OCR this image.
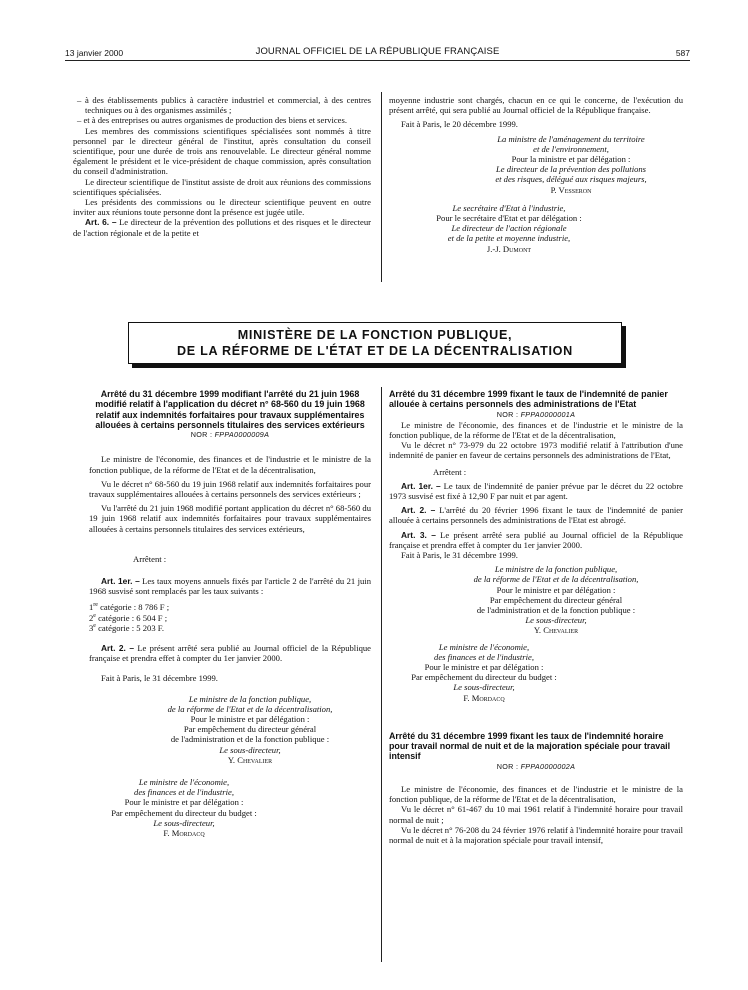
13 janvier 2000	JOURNAL OFFICIEL DE LA RÉPUBLIQUE FRANÇAISE	587

– à des établissements publics à caractère industriel et commercial, à des centres techniques ou à des organismes assimilés ;

– et à des entreprises ou autres organismes de production des biens et services.

Les membres des commissions scientifiques spécialisées sont nommés à titre personnel par le directeur général de l'institut, après consultation du conseil scientifique, pour une durée de trois ans renouvelable. Le directeur général nomme également le président et le vice-président de chaque commission, après consultation du conseil d'administration.

Le directeur scientifique de l'institut assiste de droit aux réunions des commissions scientifiques spécialisées.

Les présidents des commissions ou le directeur scientifique peuvent en outre inviter aux réunions toute personne dont la présence est jugée utile.

Art. 6. – Le directeur de la prévention des pollutions et des risques et le directeur de l'action régionale et de la petite et

moyenne industrie sont chargés, chacun en ce qui le concerne, de l'exécution du présent arrêté, qui sera publié au Journal officiel de la République française.

Fait à Paris, le 20 décembre 1999.

La ministre de l'aménagement du territoire
et de l'environnement,
Pour la ministre et par délégation :
Le directeur de la prévention des pollutions
et des risques, délégué aux risques majeurs,
P. Vesseron
Le secrétaire d'Etat à l'industrie,
Pour le secrétaire d'Etat et par délégation :
Le directeur de l'action régionale
et de la petite et moyenne industrie,
J.-J. Dumont
MINISTÈRE DE LA FONCTION PUBLIQUE,
DE LA RÉFORME DE L'ÉTAT ET DE LA DÉCENTRALISATION

Arrêté du 31 décembre 1999 modifiant l'arrêté du 21 juin 1968 modifié relatif à l'application du décret n° 68-560 du 19 juin 1968 relatif aux indemnités forfaitaires pour travaux supplémentaires allouées à certains personnels titulaires des services extérieurs

NOR : FPPA0000009A

Le ministre de l'économie, des finances et de l'industrie et le ministre de la fonction publique, de la réforme de l'Etat et de la décentralisation,

Vu le décret n° 68-560 du 19 juin 1968 relatif aux indemnités forfaitaires pour travaux supplémentaires allouées à certains personnels des services extérieurs ;

Vu l'arrêté du 21 juin 1968 modifié portant application du décret n° 68-560 du 19 juin 1968 relatif aux indemnités forfaitaires pour travaux supplémentaires allouées à certains personnels titulaires des services extérieurs,

Arrêtent :

Art. 1er. – Les taux moyens annuels fixés par l'article 2 de l'arrêté du 21 juin 1968 susvisé sont remplacés par les taux suivants :

1re catégorie : 8 786 F ;

2e catégorie : 6 504 F ;

3e catégorie : 5 203 F.

Art. 2. – Le présent arrêté sera publié au Journal officiel de la République française et prendra effet à compter du 1er janvier 2000.

Fait à Paris, le 31 décembre 1999.

Le ministre de la fonction publique,
de la réforme de l'Etat et de la décentralisation,
Pour le ministre et par délégation :
Par empêchement du directeur général
de l'administration et de la fonction publique :
Le sous-directeur,
Y. Chevalier
Le ministre de l'économie,
des finances et de l'industrie,
Pour le ministre et par délégation :
Par empêchement du directeur du budget :
Le sous-directeur,
F. Mordacq

Arrêté du 31 décembre 1999 fixant le taux de l'indemnité de panier allouée à certains personnels des administrations de l'Etat

NOR : FPPA0000001A

Le ministre de l'économie, des finances et de l'industrie et le ministre de la fonction publique, de la réforme de l'Etat et de la décentralisation,

Vu le décret n° 73-979 du 22 octobre 1973 modifié relatif à l'attribution d'une indemnité de panier en faveur de certains personnels des administrations de l'Etat,

Arrêtent :

Art. 1er. – Le taux de l'indemnité de panier prévue par le décret du 22 octobre 1973 susvisé est fixé à 12,90 F par nuit et par agent.

Art. 2. – L'arrêté du 20 février 1996 fixant le taux de l'indemnité de panier allouée à certains personnels des administrations de l'Etat est abrogé.

Art. 3. – Le présent arrêté sera publié au Journal officiel de la République française et prendra effet à compter du 1er janvier 2000.

Fait à Paris, le 31 décembre 1999.

Le ministre de la fonction publique,
de la réforme de l'Etat et de la décentralisation,
Pour le ministre et par délégation :
Par empêchement du directeur général
de l'administration et de la fonction publique :
Le sous-directeur,
Y. Chevalier
Le ministre de l'économie,
des finances et de l'industrie,
Pour le ministre et par délégation :
Par empêchement du directeur du budget :
Le sous-directeur,
F. Mordacq

Arrêté du 31 décembre 1999 fixant les taux de l'indemnité horaire pour travail normal de nuit et de la majoration spéciale pour travail intensif

NOR : FPPA0000002A

Le ministre de l'économie, des finances et de l'industrie et le ministre de la fonction publique, de la réforme de l'Etat et de la décentralisation,

Vu le décret n° 61-467 du 10 mai 1961 relatif à l'indemnité horaire pour travail normal de nuit ;

Vu le décret n° 76-208 du 24 février 1976 relatif à l'indemnité horaire pour travail normal de nuit et à la majoration spéciale pour travail intensif,
